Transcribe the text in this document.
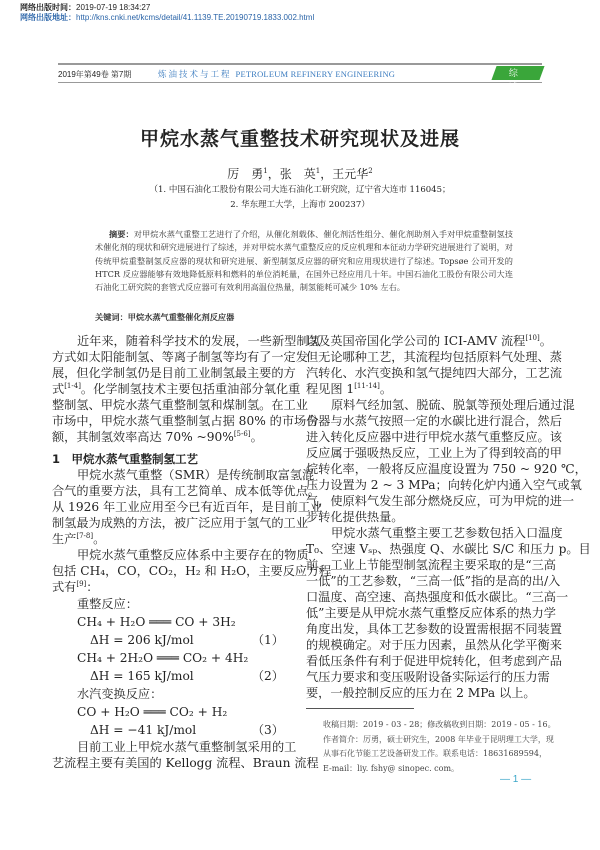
网络出版时间：2019-07-19 18:34:27
网络出版地址：http://kns.cnki.net/kcms/detail/41.1139.TE.20190719.1833.002.html
2019年第49卷 第7期	炼油技术与工程 PETROLEUM REFINERY ENGINEERING	综述
甲烷水蒸气重整技术研究现状及进展
厉　勇$^1$，张　英$^1$，王元华$^2$
（1. 中国石油化工股份有限公司大连石油化工研究院，辽宁省大连市 116045；
2. 华东理工大学，上海市 200237）
摘要：对甲烷水蒸气重整工艺进行了介绍，从催化剂载体、催化剂活性组分、催化剂助剂入手对甲烷重整制氢技术催化剂的现状和研究进展进行了综述，并对甲烷水蒸气重整反应的反应机理和本征动力学研究进展进行了说明，对传统甲烷重整制氢反应器的现状和研究进展、新型制氢反应器的研究和应用现状进行了综述。Topsøe 公司开发的 HTCR 反应器能够有效地降低原料和燃料的单位消耗量，在国外已经应用几十年。中国石油化工股份有限公司大连石油化工研究院的套管式反应器可有效利用高温位热量，制氢能耗可减少 10% 左右。
关键词：甲烷水蒸气重整催化剂反应器
近年来，随着科学技术的发展，一些新型制氢
方式如太阳能制氢、等离子制氢等均有了一定发
展，但化学制氢仍是目前工业制氢最主要的方
式[1-4]。化学制氢技术主要包括重油部分氧化重
整制氢、甲烷水蒸气重整制氢和煤制氢。在工业
市场中，甲烷水蒸气重整制氢占据 80% 的市场份
额，其制氢效率高达 70% ~90%[5-6]。
1　甲烷水蒸气重整制氢工艺
甲烷水蒸气重整（SMR）是传统制取富氢混
合气的重要方法，具有工艺简单、成本低等优点。
从 1926 年工业应用至今已有近百年，是目前工业
制氢最为成熟的方法，被广泛应用于氢气的工业
生产[7-8]。
甲烷水蒸气重整反应体系中主要存在的物质
包括 CH₄，CO，CO₂，H₂ 和 H₂O，主要反应方程
式有[9]：
重整反应：
CH₄ + H₂O ═══ CO + 3H₂
ΔH = 206 kJ/mol	（1）
CH₄ + 2H₂O ═══ CO₂ + 4H₂
ΔH = 165 kJ/mol	（2）
水汽变换反应：
CO + H₂O ═══ CO₂ + H₂
ΔH = −41 kJ/mol	（3）
目前工业上甲烷水蒸气重整制氢采用的工
艺流程主要有美国的 Kellogg 流程、Braun 流程
以及英国帝国化学公司的 ICI-AMV 流程[10]。
但无论哪种工艺，其流程均包括原料气处理、蒸
汽转化、水汽变换和氢气提纯四大部分，工艺流
程见图 1[11-14]。
原料气经加氢、脱硫、脱氯等预处理后通过混
合器与水蒸气按照一定的水碳比进行混合，然后
进入转化反应器中进行甲烷水蒸气重整反应。该
反应属于强吸热反应，工业上为了得到较高的甲
烷转化率，一般将反应温度设置为 750 ~ 920 ℃，
压力设置为 2 ~ 3 MPa；向转化炉内通入空气或氧
气，使原料气发生部分燃烧反应，可为甲烷的进一
步转化提供热量。
甲烷水蒸气重整主要工艺参数包括入口温度
T₀、空速 Vₛₚ、热强度 Q、水碳比 S/C 和压力 p。目
前，工业上节能型制氢流程主要采取的是“三高
一低”的工艺参数，“三高一低”指的是高的出/入
口温度、高空速、高热强度和低水碳比。“三高一
低”主要是从甲烷水蒸气重整反应体系的热力学
角度出发，具体工艺参数的设置需根据不同装置
的规模确定。对于压力因素，虽然从化学平衡来
看低压条件有利于促进甲烷转化，但考虑到产品
气压力要求和变压吸附设备实际运行的压力需
要，一般控制反应的压力在 2 MPa 以上。
收稿日期：2019 - 03 - 28；修改稿收到日期：2019 - 05 - 16。
作者简介：厉勇，硕士研究生，2008 年毕业于昆明理工大学，现
从事石化节能工艺设备研发工作。联系电话：18631689594，
E-mail：liy. fshy@ sinopec. com。
— 1 —
